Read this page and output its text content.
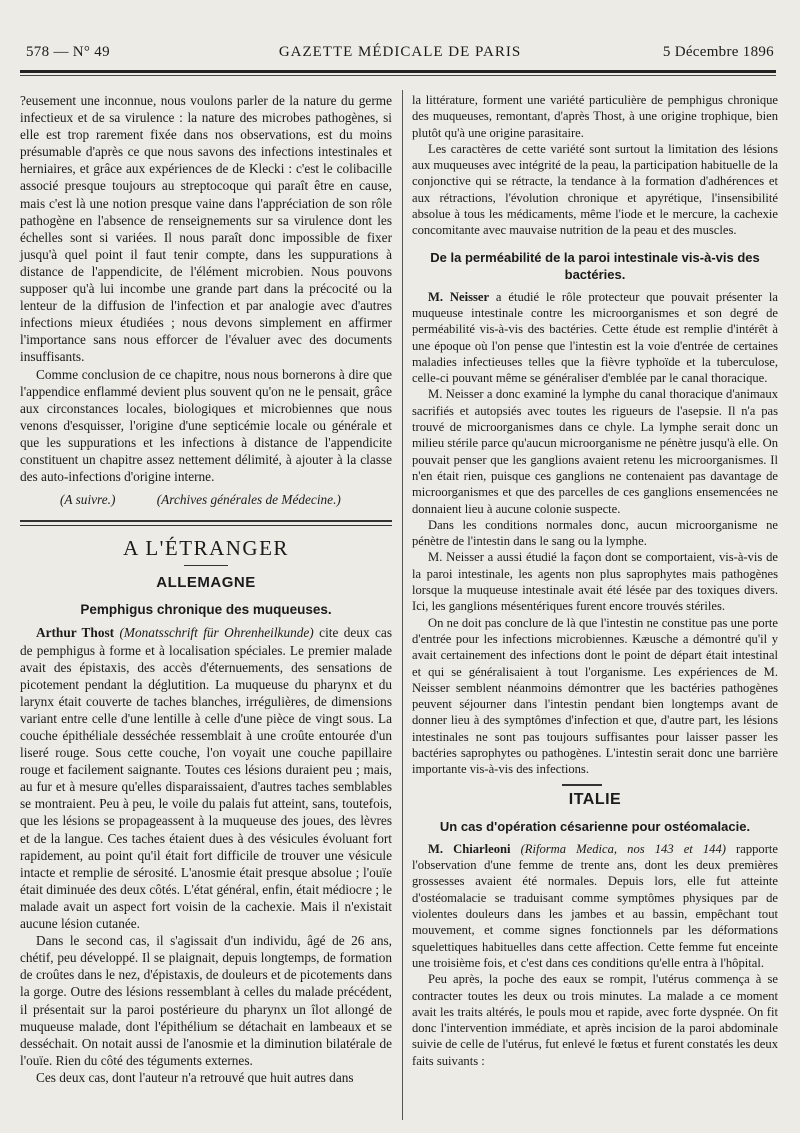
578 — N° 49	GAZETTE MÉDICALE DE PARIS	5 Décembre 1896

?eusement une inconnue, nous voulons parler de la nature du germe infectieux et de sa virulence : la nature des microbes pathogènes, si elle est trop rarement fixée dans nos observations, est du moins présumable d'après ce que nous savons des infections intestinales et herniaires, et grâce aux expériences de de Klecki : c'est le colibacille associé presque toujours au streptocoque qui paraît être en cause, mais c'est là une notion presque vaine dans l'appréciation de son rôle pathogène en l'absence de renseignements sur sa virulence dont les échelles sont si variées. Il nous paraît donc impossible de fixer jusqu'à quel point il faut tenir compte, dans les suppurations à distance de l'appendicite, de l'élément microbien. Nous pouvons supposer qu'à lui incombe une grande part dans la précocité ou la lenteur de la diffusion de l'infection et par analogie avec d'autres infections mieux étudiées ; nous devons simplement en affirmer l'importance sans nous efforcer de l'évaluer avec des documents insuffisants.

Comme conclusion de ce chapitre, nous nous bornerons à dire que l'appendice enflammé devient plus souvent qu'on ne le pensait, grâce aux circonstances locales, biologiques et microbiennes que nous venons d'esquisser, l'origine d'une septicémie locale ou générale et que les suppurations et les infections à distance de l'appendicite constituent un chapitre assez nettement délimité, à ajouter à la classe des auto-infections d'origine interne.

(A suivre.)	(Archives générales de Médecine.)
A L'ÉTRANGER
ALLEMAGNE
Pemphigus chronique des muqueuses.

Arthur Thost (Monatsschrift für Ohrenheilkunde) cite deux cas de pemphigus à forme et à localisation spéciales. Le premier malade avait des épistaxis, des accès d'éternuements, des sensations de picotement pendant la déglutition. La muqueuse du pharynx et du larynx était couverte de taches blanches, irrégulières, de dimensions variant entre celle d'une lentille à celle d'une pièce de vingt sous. La couche épithéliale desséchée ressemblait à une croûte entourée d'un liseré rouge. Sous cette couche, l'on voyait une couche papillaire rouge et facilement saignante. Toutes ces lésions duraient peu ; mais, au fur et à mesure qu'elles disparaissaient, d'autres taches semblables se montraient. Peu à peu, le voile du palais fut atteint, sans, toutefois, que les lésions se propageassent à la muqueuse des joues, des lèvres et de la langue. Ces taches étaient dues à des vésicules évoluant fort rapidement, au point qu'il était fort difficile de trouver une vésicule intacte et remplie de sérosité. L'anosmie était presque absolue ; l'ouïe était diminuée des deux côtés. L'état général, enfin, était médiocre ; le malade avait un aspect fort voisin de la cachexie. Mais il n'existait aucune lésion cutanée.

Dans le second cas, il s'agissait d'un individu, âgé de 26 ans, chétif, peu développé. Il se plaignait, depuis longtemps, de formation de croûtes dans le nez, d'épistaxis, de douleurs et de picotements dans la gorge. Outre des lésions ressemblant à celles du malade précédent, il présentait sur la paroi postérieure du pharynx un îlot allongé de muqueuse malade, dont l'épithélium se détachait en lambeaux et se desséchait. On notait aussi de l'anosmie et la diminution bilatérale de l'ouïe. Rien du côté des téguments externes.

Ces deux cas, dont l'auteur n'a retrouvé que huit autres dans

la littérature, forment une variété particulière de pemphigus chronique des muqueuses, remontant, d'après Thost, à une origine trophique, bien plutôt qu'à une origine parasitaire.

Les caractères de cette variété sont surtout la limitation des lésions aux muqueuses avec intégrité de la peau, la participation habituelle de la conjonctive qui se rétracte, la tendance à la formation d'adhérences et aux rétractions, l'évolution chronique et apyrétique, l'insensibilité absolue à tous les médicaments, même l'iode et le mercure, la cachexie concomitante avec mauvaise nutrition de la peau et des muscles.

De la perméabilité de la paroi intestinale vis-à-vis des bactéries.

M. Neisser a étudié le rôle protecteur que pouvait présenter la muqueuse intestinale contre les microorganismes et son degré de perméabilité vis-à-vis des bactéries. Cette étude est remplie d'intérêt à une époque où l'on pense que l'intestin est la voie d'entrée de certaines maladies infectieuses telles que la fièvre typhoïde et la tuberculose, celle-ci pouvant même se généraliser d'emblée par le canal thoracique.

M. Neisser a donc examiné la lymphe du canal thoracique d'animaux sacrifiés et autopsiés avec toutes les rigueurs de l'asepsie. Il n'a pas trouvé de microorganismes dans ce chyle. La lymphe serait donc un milieu stérile parce qu'aucun microorganisme ne pénètre jusqu'à elle. On pouvait penser que les ganglions avaient retenu les microorganismes. Il n'en était rien, puisque ces ganglions ne contenaient pas davantage de microorganismes et que des parcelles de ces ganglions ensemencées ne donnaient lieu à aucune colonie suspecte.

Dans les conditions normales donc, aucun microorganisme ne pénètre de l'intestin dans le sang ou la lymphe.

M. Neisser a aussi étudié la façon dont se comportaient, vis-à-vis de la paroi intestinale, les agents non plus saprophytes mais pathogènes lorsque la muqueuse intestinale avait été lésée par des toxiques divers. Ici, les ganglions mésentériques furent encore trouvés stériles.

On ne doit pas conclure de là que l'intestin ne constitue pas une porte d'entrée pour les infections microbiennes. Kæusche a démontré qu'il y avait certainement des infections dont le point de départ était intestinal et qui se généralisaient à tout l'organisme. Les expériences de M. Neisser semblent néanmoins démontrer que les bactéries pathogènes peuvent séjourner dans l'intestin pendant bien longtemps avant de donner lieu à des symptômes d'infection et que, d'autre part, les lésions intestinales ne sont pas toujours suffisantes pour laisser passer les bactéries saprophytes ou pathogènes. L'intestin serait donc une barrière importante vis-à-vis des infections.

ITALIE
Un cas d'opération césarienne pour ostéomalacie.

M. Chiarleoni (Riforma Medica, nos 143 et 144) rapporte l'observation d'une femme de trente ans, dont les deux premières grossesses avaient été normales. Depuis lors, elle fut atteinte d'ostéomalacie se traduisant comme symptômes physiques par de violentes douleurs dans les jambes et au bassin, empêchant tout mouvement, et comme signes fonctionnels par les déformations squelettiques habituelles dans cette affection. Cette femme fut enceinte une troisième fois, et c'est dans ces conditions qu'elle entra à l'hôpital.

Peu après, la poche des eaux se rompit, l'utérus commença à se contracter toutes les deux ou trois minutes. La malade a ce moment avait les traits altérés, le pouls mou et rapide, avec forte dyspnée. On fit donc l'intervention immédiate, et après incision de la paroi abdominale suivie de celle de l'utérus, fut enlevé le fœtus et furent constatés les deux faits suivants :
